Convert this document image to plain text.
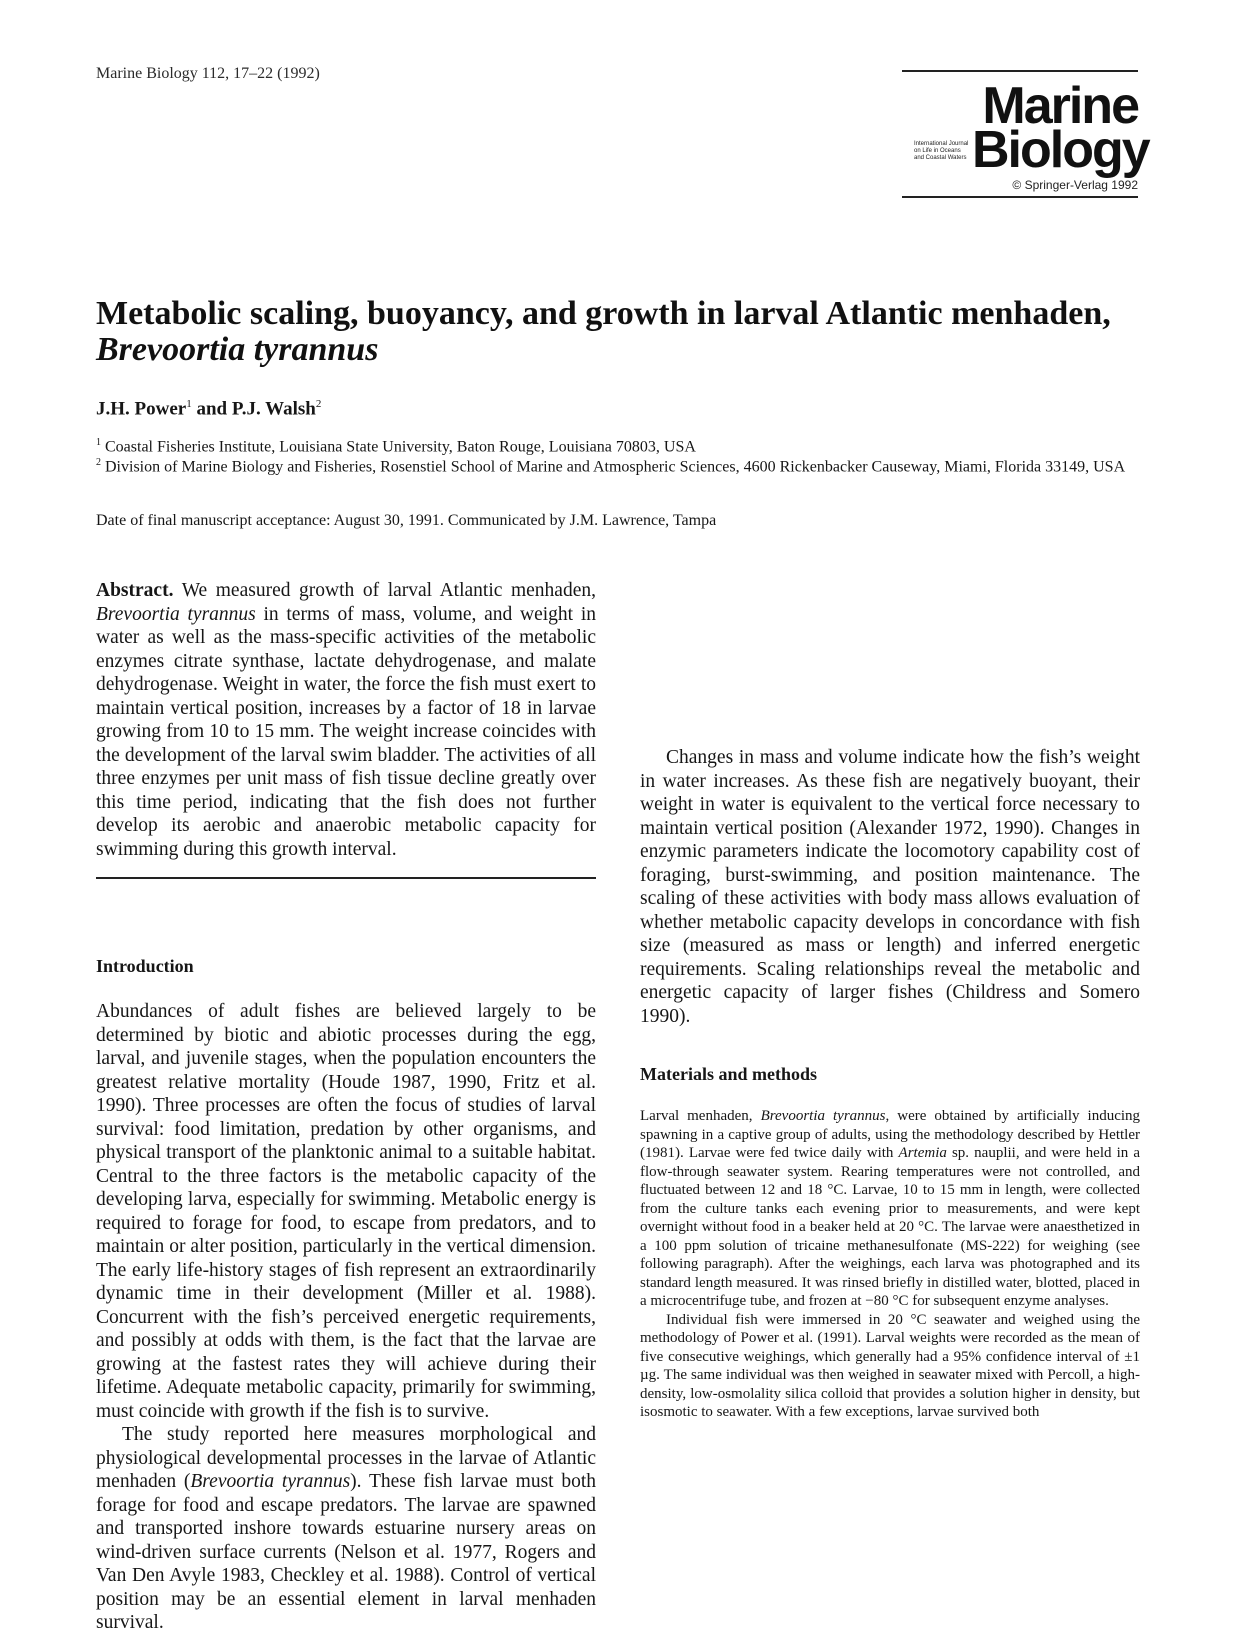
Marine Biology 112, 17–22 (1992)
Marine
Biology
International Journal
on Life in Oceans
and Coastal Waters
© Springer-Verlag 1992
Metabolic scaling, buoyancy, and growth in larval Atlantic menhaden,
Brevoortia tyrannus
J.H. Power$^1$ and P.J. Walsh$^2$
$^1$ Coastal Fisheries Institute, Louisiana State University, Baton Rouge, Louisiana 70803, USA
$^2$ Division of Marine Biology and Fisheries, Rosenstiel School of Marine and Atmospheric Sciences, 4600 Rickenbacker Causeway, Miami, Florida 33149, USA
Date of final manuscript acceptance: August 30, 1991. Communicated by J.M. Lawrence, Tampa

Abstract. We measured growth of larval Atlantic menhaden, Brevoortia tyrannus in terms of mass, volume, and weight in water as well as the mass-specific activities of the metabolic enzymes citrate synthase, lactate dehydrogenase, and malate dehydrogenase. Weight in water, the force the fish must exert to maintain vertical position, increases by a factor of 18 in larvae growing from 10 to 15 mm. The weight increase coincides with the development of the larval swim bladder. The activities of all three enzymes per unit mass of fish tissue decline greatly over this time period, indicating that the fish does not further develop its aerobic and anaerobic metabolic capacity for swimming during this growth interval.

Introduction

Abundances of adult fishes are believed largely to be determined by biotic and abiotic processes during the egg, larval, and juvenile stages, when the population encounters the greatest relative mortality (Houde 1987, 1990, Fritz et al. 1990). Three processes are often the focus of studies of larval survival: food limitation, predation by other organisms, and physical transport of the planktonic animal to a suitable habitat. Central to the three factors is the metabolic capacity of the developing larva, especially for swimming. Metabolic energy is required to forage for food, to escape from predators, and to maintain or alter position, particularly in the vertical dimension. The early life-history stages of fish represent an extraordinarily dynamic time in their development (Miller et al. 1988). Concurrent with the fish’s perceived energetic requirements, and possibly at odds with them, is the fact that the larvae are growing at the fastest rates they will achieve during their lifetime. Adequate metabolic capacity, primarily for swimming, must coincide with growth if the fish is to survive.

The study reported here measures morphological and physiological developmental processes in the larvae of Atlantic menhaden (Brevoortia tyrannus). These fish larvae must both forage for food and escape predators. The larvae are spawned and transported inshore towards estuarine nursery areas on wind-driven surface currents (Nelson et al. 1977, Rogers and Van Den Avyle 1983, Checkley et al. 1988). Control of vertical position may be an essential element in larval menhaden survival.

Changes in mass and volume indicate how the fish’s weight in water increases. As these fish are negatively buoyant, their weight in water is equivalent to the vertical force necessary to maintain vertical position (Alexander 1972, 1990). Changes in enzymic parameters indicate the locomotory capability cost of foraging, burst-swimming, and position maintenance. The scaling of these activities with body mass allows evaluation of whether metabolic capacity develops in concordance with fish size (measured as mass or length) and inferred energetic requirements. Scaling relationships reveal the metabolic and energetic capacity of larger fishes (Childress and Somero 1990).

Materials and methods

Larval menhaden, Brevoortia tyrannus, were obtained by artificially inducing spawning in a captive group of adults, using the methodology described by Hettler (1981). Larvae were fed twice daily with Artemia sp. nauplii, and were held in a flow-through seawater system. Rearing temperatures were not controlled, and fluctuated between 12 and 18 °C. Larvae, 10 to 15 mm in length, were collected from the culture tanks each evening prior to measurements, and were kept overnight without food in a beaker held at 20 °C. The larvae were anaesthetized in a 100 ppm solution of tricaine methanesulfonate (MS-222) for weighing (see following paragraph). After the weighings, each larva was photographed and its standard length measured. It was rinsed briefly in distilled water, blotted, placed in a microcentrifuge tube, and frozen at −80 °C for subsequent enzyme analyses.

Individual fish were immersed in 20 °C seawater and weighed using the methodology of Power et al. (1991). Larval weights were recorded as the mean of five consecutive weighings, which generally had a 95% confidence interval of ±1 µg. The same individual was then weighed in seawater mixed with Percoll, a high-density, low-osmolality silica colloid that provides a solution higher in density, but isosmotic to seawater. With a few exceptions, larvae survived both
